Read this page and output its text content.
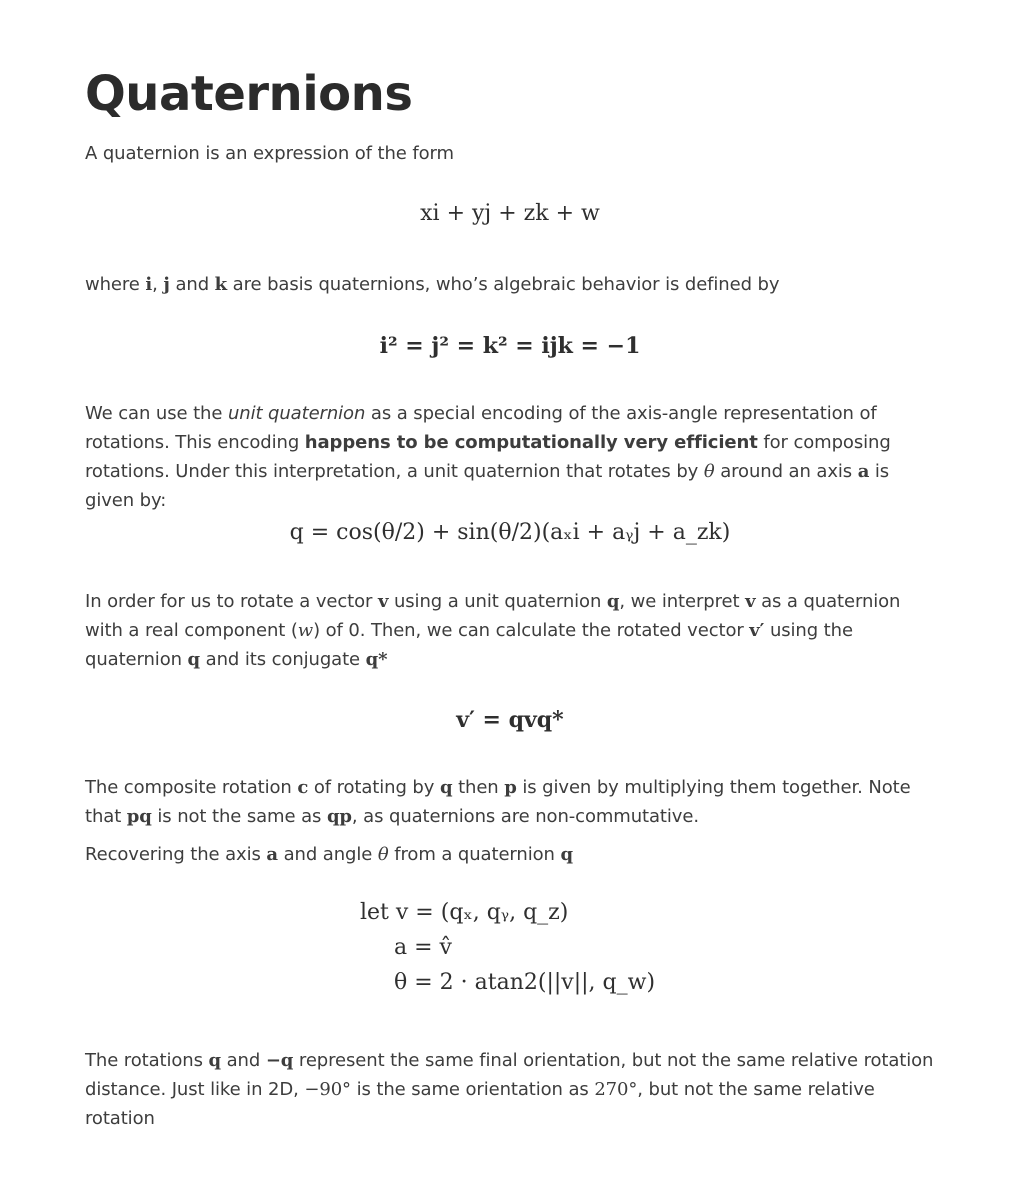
Quaternions

A quaternion is an expression of the form

xi + yj + zk + w

where i, j and k are basis quaternions, who’s algebraic behavior is defined by

i² = j² = k² = ijk = −1

We can use the unit quaternion as a special encoding of the axis-angle representation of rotations. This encoding happens to be computationally very efficient for composing rotations. Under this interpretation, a unit quaternion that rotates by θ around an axis a is given by:

q = cos(θ/2) + sin(θ/2)(aₓi + aᵧj + a_zk)

In order for us to rotate a vector v using a unit quaternion q, we interpret v as a quaternion with a real component (w) of 0. Then, we can calculate the rotated vector v′ using the quaternion q and its conjugate q*

v′ = qvq*

The composite rotation c of rotating by q then p is given by multiplying them together. Note that pq is not the same as qp, as quaternions are non-commutative.

Recovering the axis a and angle θ from a quaternion q

let v = (qₓ, qᵧ, q_z)
a = v̂
θ = 2 · atan2(||v||, q_w)

The rotations q and −q represent the same final orientation, but not the same relative rotation distance. Just like in 2D, −90° is the same orientation as 270°, but not the same relative rotation
